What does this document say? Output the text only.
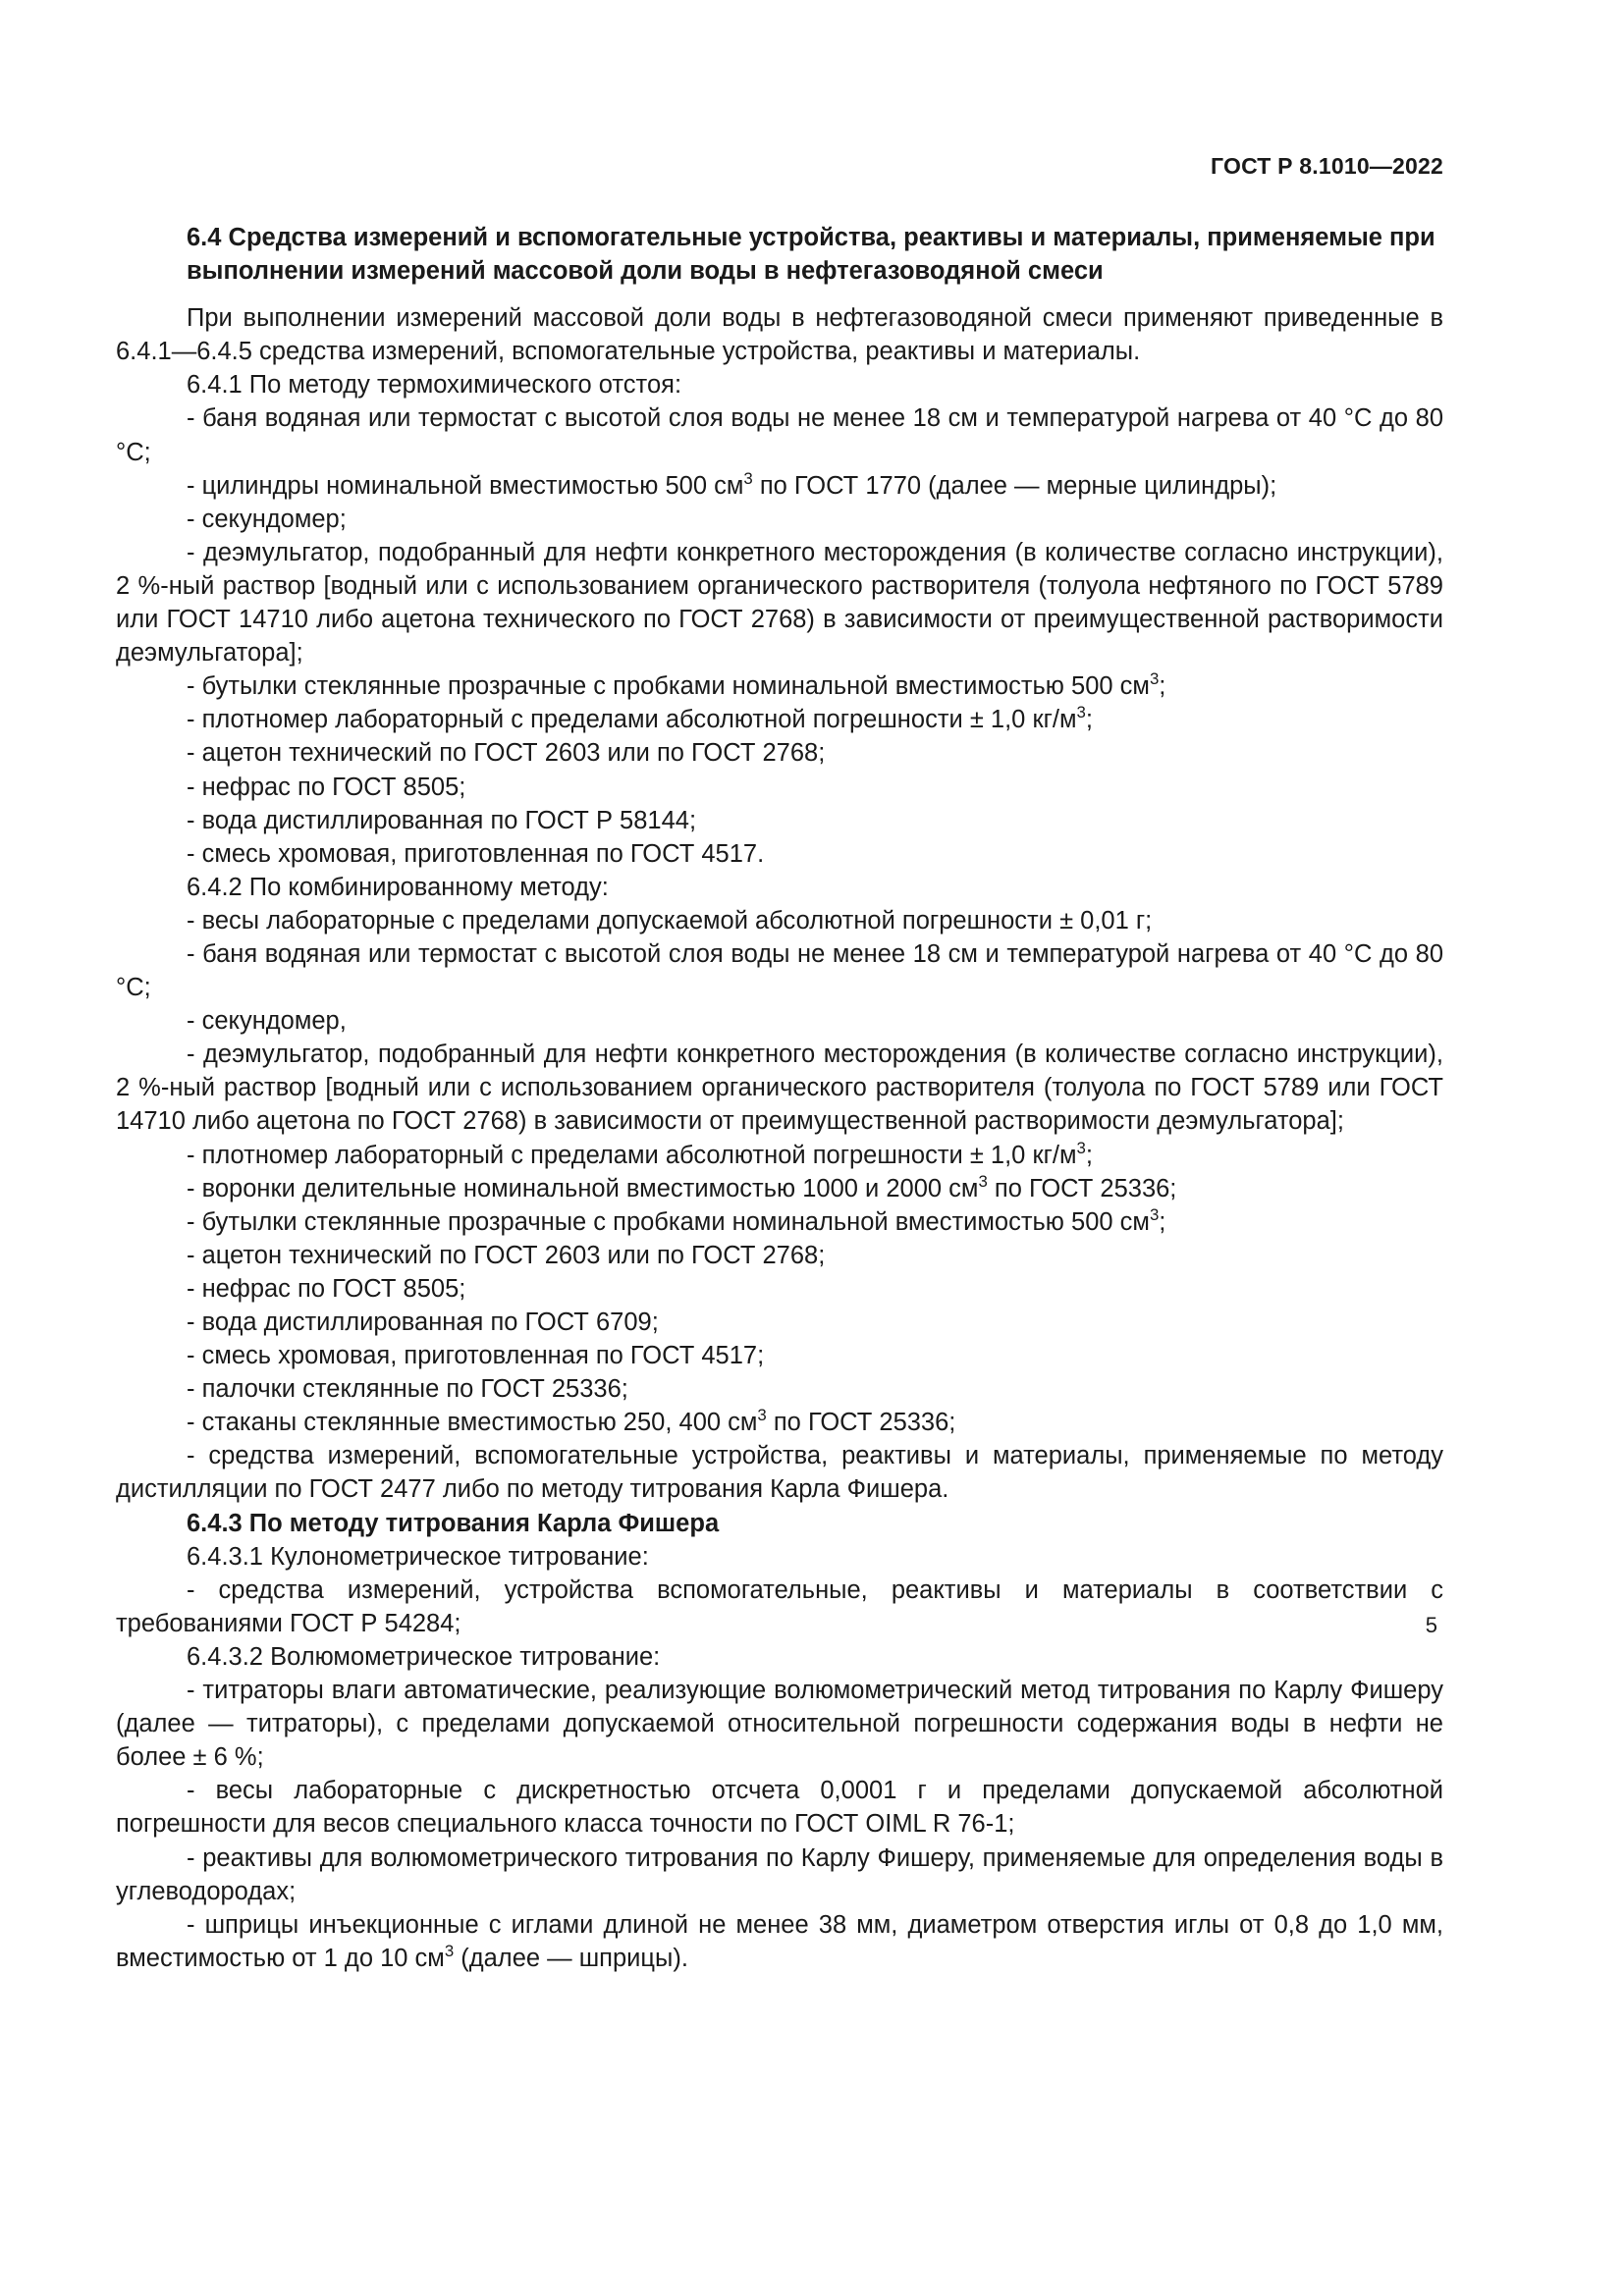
ГОСТ Р 8.1010—2022

6.4 Средства измерений и вспомогательные устройства, реактивы и материалы, применяемые при выполнении измерений массовой доли воды в нефтегазоводяной смеси

При выполнении измерений массовой доли воды в нефтегазоводяной смеси применяют приведенные в 6.4.1—6.4.5 средства измерений, вспомогательные устройства, реактивы и материалы.

6.4.1 По методу термохимического отстоя:

- баня водяная или термостат с высотой слоя воды не менее 18 см и температурой нагрева от 40 °С до 80 °С;

- цилиндры номинальной вместимостью 500 $см^3$ по ГОСТ 1770 (далее — мерные цилиндры);

- секундомер;

- деэмульгатор, подобранный для нефти конкретного месторождения (в количестве согласно инструкции), 2 %-ный раствор [водный или с использованием органического растворителя (толуола нефтяного по ГОСТ 5789 или ГОСТ 14710 либо ацетона технического по ГОСТ 2768) в зависимости от преимущественной растворимости деэмульгатора];

- бутылки стеклянные прозрачные с пробками номинальной вместимостью 500 $см^3$;

- плотномер лабораторный с пределами абсолютной погрешности ± 1,0 $кг/м^3$;

- ацетон технический по ГОСТ 2603 или по ГОСТ 2768;

- нефрас по ГОСТ 8505;

- вода дистиллированная по ГОСТ Р 58144;

- смесь хромовая, приготовленная по ГОСТ 4517.

6.4.2 По комбинированному методу:

- весы лабораторные с пределами допускаемой абсолютной погрешности ± 0,01 г;

- баня водяная или термостат с высотой слоя воды не менее 18 см и температурой нагрева от 40 °С до 80 °С;

- секундомер,

- деэмульгатор, подобранный для нефти конкретного месторождения (в количестве согласно инструкции), 2 %-ный раствор [водный или с использованием органического растворителя (толуола по ГОСТ 5789 или ГОСТ 14710 либо ацетона по ГОСТ 2768) в зависимости от преимущественной растворимости деэмульгатора];

- плотномер лабораторный с пределами абсолютной погрешности ± 1,0 $кг/м^3$;

- воронки делительные номинальной вместимостью 1000 и 2000 $см^3$ по ГОСТ 25336;

- бутылки стеклянные прозрачные с пробками номинальной вместимостью 500 $см^3$;

- ацетон технический по ГОСТ 2603 или по ГОСТ 2768;

- нефрас по ГОСТ 8505;

- вода дистиллированная по ГОСТ 6709;

- смесь хромовая, приготовленная по ГОСТ 4517;

- палочки стеклянные по ГОСТ 25336;

- стаканы стеклянные вместимостью 250, 400 $см^3$ по ГОСТ 25336;

- средства измерений, вспомогательные устройства, реактивы и материалы, применяемые по методу дистилляции по ГОСТ 2477 либо по методу титрования Карла Фишера.

6.4.3 По методу титрования Карла Фишера

6.4.3.1 Кулонометрическое титрование:

- средства измерений, устройства вспомогательные, реактивы и материалы в соответствии с требованиями ГОСТ Р 54284;

6.4.3.2 Волюмометрическое титрование:

- титраторы влаги автоматические, реализующие волюмометрический метод титрования по Карлу Фишеру (далее — титраторы), с пределами допускаемой относительной погрешности содержания воды в нефти не более ± 6 %;

- весы лабораторные с дискретностью отсчета 0,0001 г и пределами допускаемой абсолютной погрешности для весов специального класса точности по ГОСТ OIML R 76-1;

- реактивы для волюмометрического титрования по Карлу Фишеру, применяемые для определения воды в углеводородах;

- шприцы инъекционные с иглами длиной не менее 38 мм, диаметром отверстия иглы от 0,8 до 1,0 мм, вместимостью от 1 до 10 $см^3$ (далее — шприцы).

5
